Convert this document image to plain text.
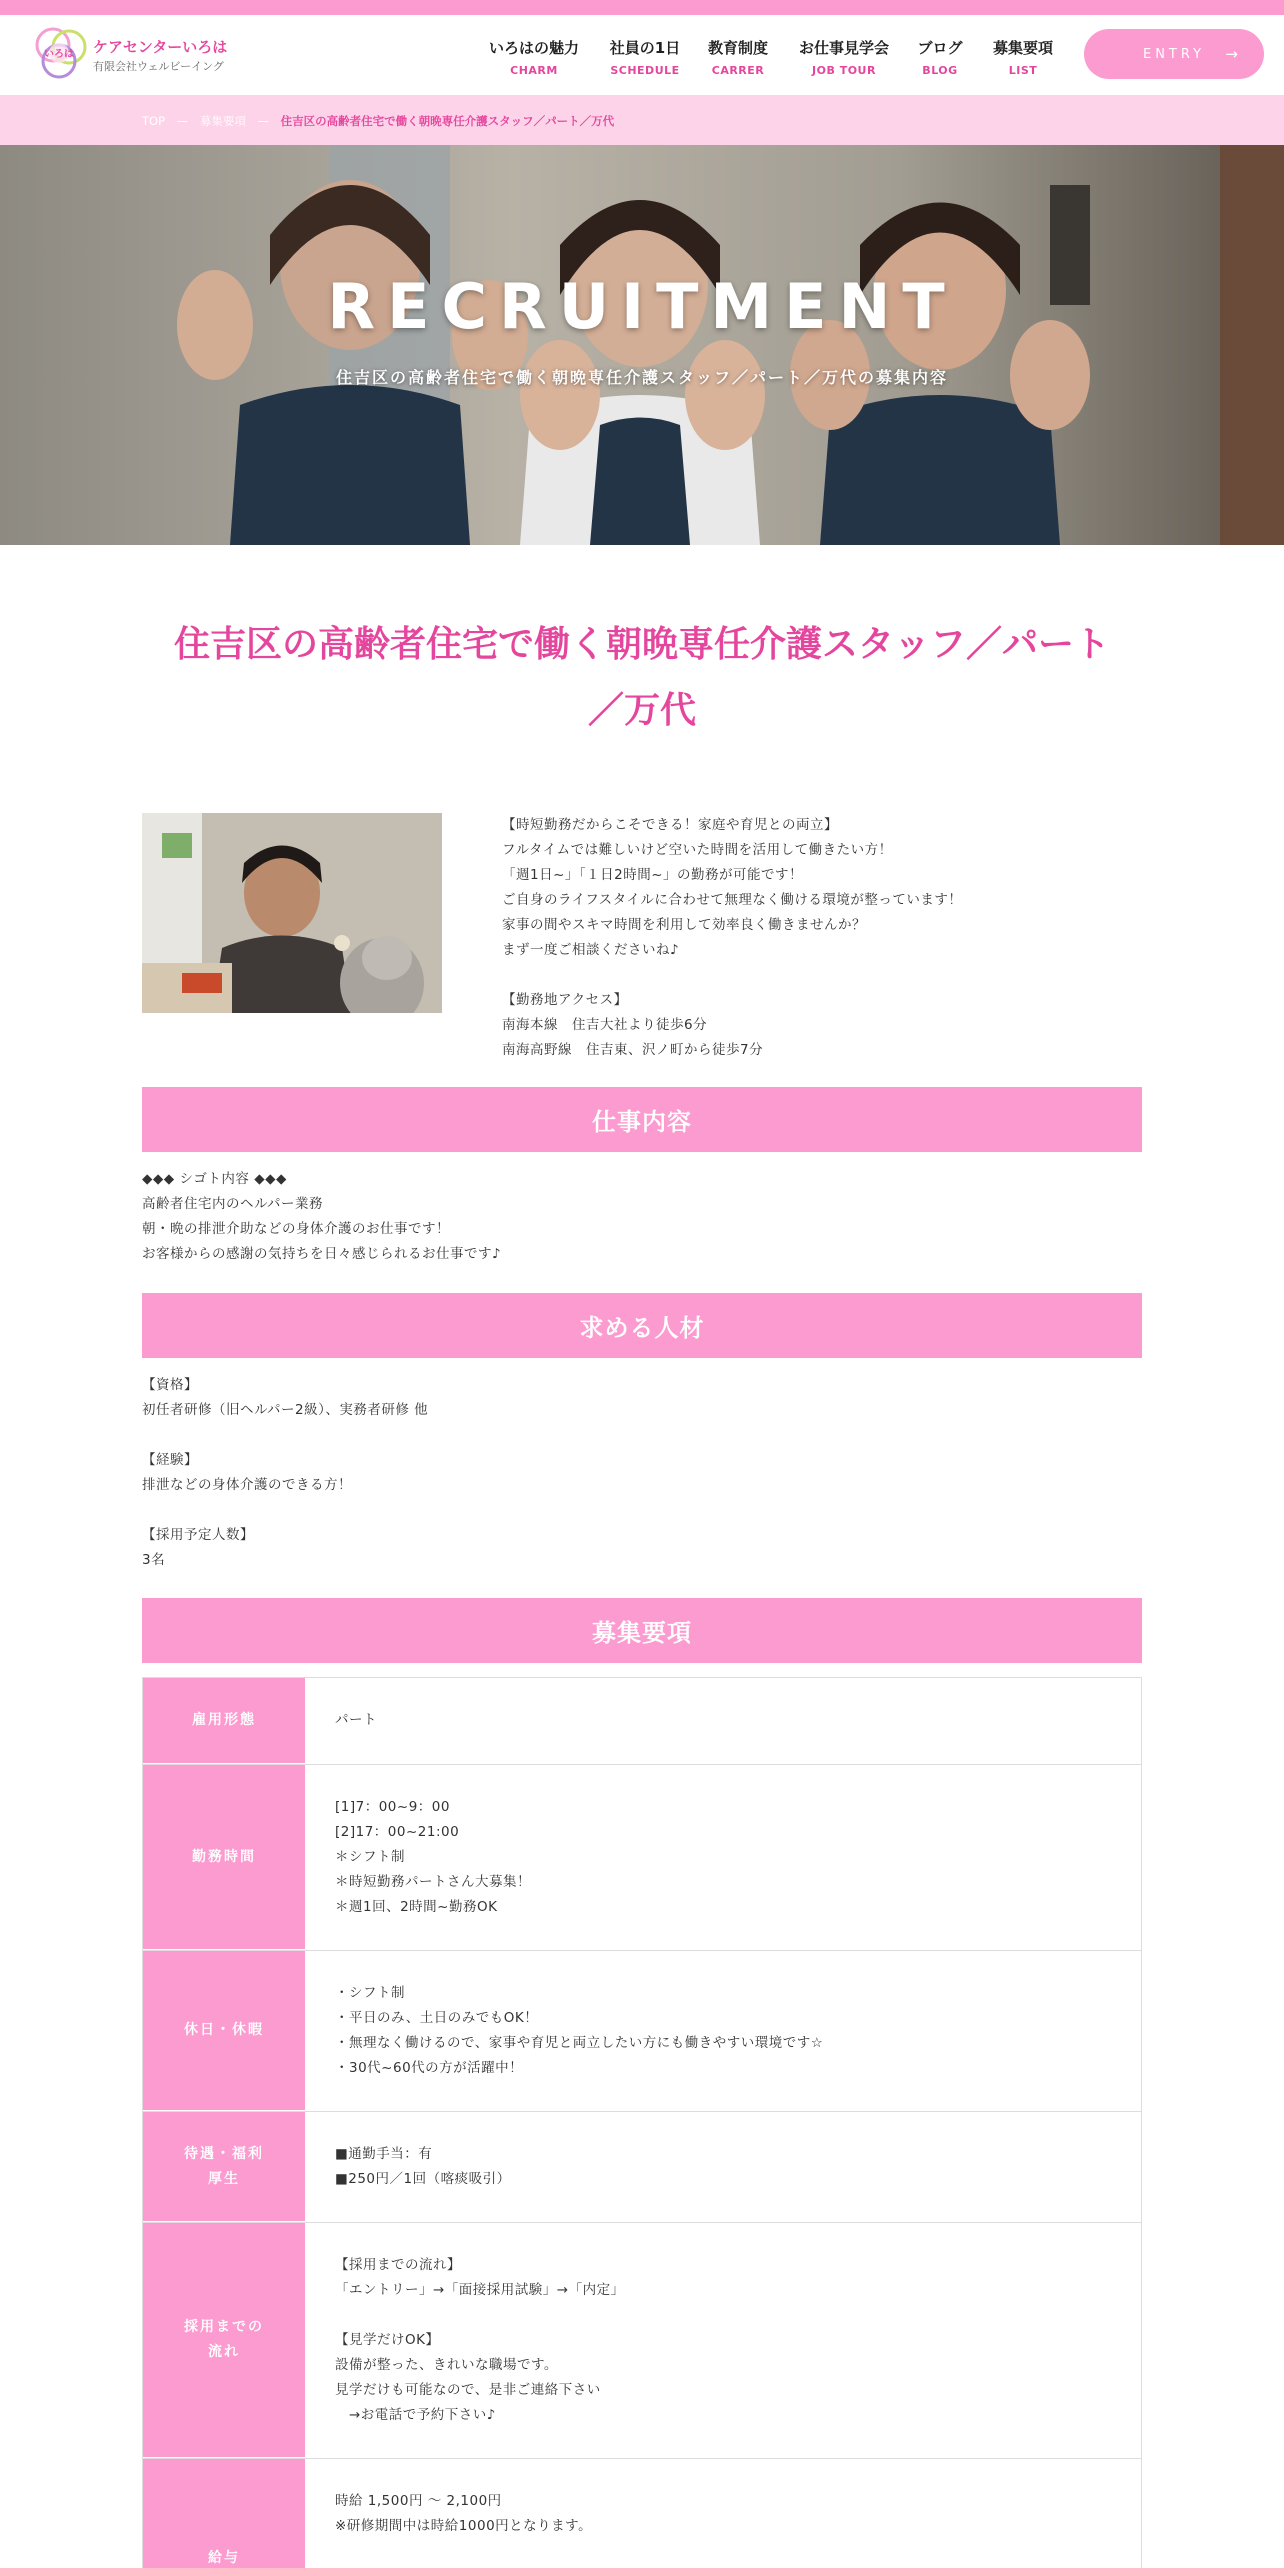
いろは ケアセンターいろは
有限会社ウェルビーイング
いろはの魅力
CHARM
社員の1日
SCHEDULE
教育制度
CARRER
お仕事見学会
JOB TOUR
ブログ
BLOG
募集要項
LIST
ENTRY →
TOP — 募集要項 — 住吉区の高齢者住宅で働く朝晩専任介護スタッフ／パート／万代
RECRUITMENT
住吉区の高齢者住宅で働く朝晩専任介護スタッフ／パート／万代の募集内容
住吉区の高齢者住宅で働く朝晩専任介護スタッフ／パート
／万代
【時短勤務だからこそできる！家庭や育児との両立】
フルタイムでは難しいけど空いた時間を活用して働きたい方！
「週1日~」「１日2時間~」の勤務が可能です！
ご自身のライフスタイルに合わせて無理なく働ける環境が整っています！
家事の間やスキマ時間を利用して効率良く働きませんか？
まず一度ご相談くださいね♪

【勤務地アクセス】
南海本線　住吉大社より徒歩6分
南海高野線　住吉東、沢ノ町から徒歩7分
仕事内容
◆◆◆ シゴト内容 ◆◆◆
高齢者住宅内のヘルパー業務
朝・晩の排泄介助などの身体介護のお仕事です！
お客様からの感謝の気持ちを日々感じられるお仕事です♪
求める人材
【資格】
初任者研修（旧ヘルパー2級）、実務者研修 他

【経験】
排泄などの身体介護のできる方！

【採用予定人数】
3名
募集要項
雇用形態	パート
勤務時間
[1]7：00~9：00
[2]17：00~21:00
＊シフト制
＊時短勤務パートさん大募集！
＊週1回、2時間~勤務OK
休日・休暇
・シフト制
・平日のみ、土日のみでもOK！
・無理なく働けるので、家事や育児と両立したい方にも働きやすい環境です☆
・30代~60代の方が活躍中！
待遇・福利
厚生
■通勤手当：有
■250円／1回（喀痰吸引）
採用までの
流れ
【採用までの流れ】
「エントリー」→「面接採用試験」→「内定」

【見学だけOK】
設備が整った、きれいな職場です。
見学だけも可能なので、是非ご連絡下さい
　→お電話で予約下さい♪
給与
時給 1,500円 ～ 2,100円
※研修期間中は時給1000円となります。
